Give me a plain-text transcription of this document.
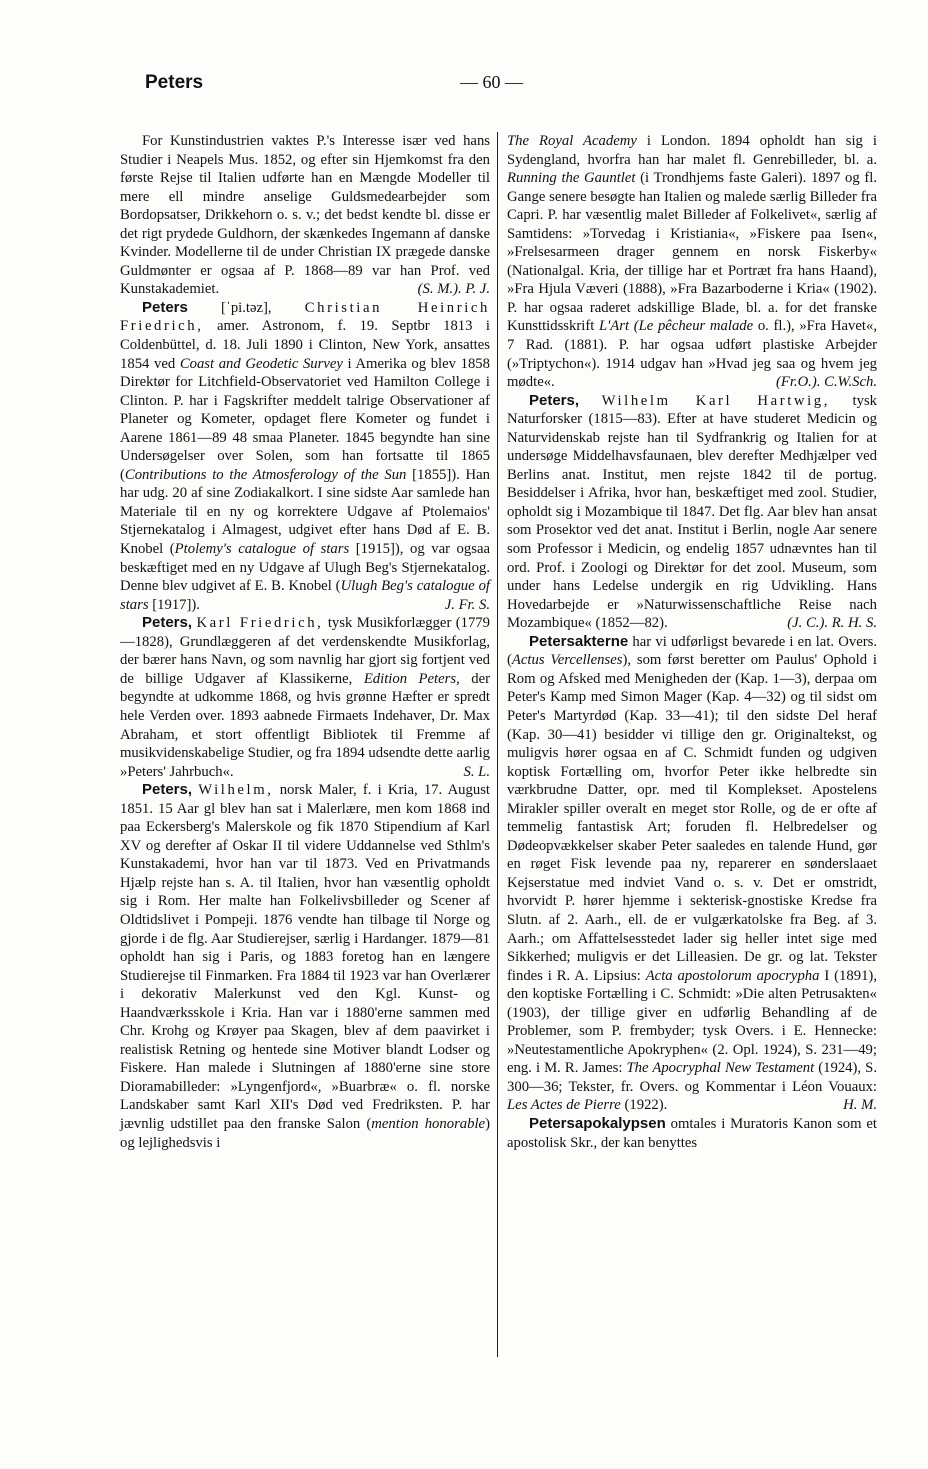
Peters	— 60 —

For Kunstindustrien vaktes P.'s Interesse især ved hans Studier i Neapels Mus. 1852, og efter sin Hjemkomst fra den første Rejse til Italien udførte han en Mængde Modeller til mere ell mindre anselige Guldsmedearbejder som Bordopsatser, Drikkehorn o. s. v.; det bedst kendte bl. disse er det rigt prydede Guldhorn, der skænkedes Ingemann af danske Kvinder. Modellerne til de under Christian IX prægede danske Guldmønter er ogsaa af P. 1868—89 var han Prof. ved Kunstakademiet.	(S. M.). P. J.

Peters [ˈpi.təz], Christian Heinrich Friedrich, amer. Astronom, f. 19. Septbr 1813 i Coldenbüttel, d. 18. Juli 1890 i Clinton, New York, ansattes 1854 ved Coast and Geodetic Survey i Amerika og blev 1858 Direktør for Litchfield-Observatoriet ved Hamilton College i Clinton. P. har i Fagskrifter meddelt talrige Observationer af Planeter og Kometer, opdaget flere Kometer og fundet i Aarene 1861—89 48 smaa Planeter. 1845 begyndte han sine Undersøgelser over Solen, som han fortsatte til 1865 (Contributions to the Atmosferology of the Sun [1855]). Han har udg. 20 af sine Zodiakalkort. I sine sidste Aar samlede han Materiale til en ny og korrektere Udgave af Ptolemaios' Stjernekatalog i Almagest, udgivet efter hans Død af E. B. Knobel (Ptolemy's catalogue of stars [1915]), og var ogsaa beskæftiget med en ny Udgave af Ulugh Beg's Stjernekatalog. Denne blev udgivet af E. B. Knobel (Ulugh Beg's catalogue of stars [1917]).	J. Fr. S.

Peters, Karl Friedrich, tysk Musikforlægger (1779—1828), Grundlæggeren af det verdenskendte Musikforlag, der bærer hans Navn, og som navnlig har gjort sig fortjent ved de billige Udgaver af Klassikerne, Edition Peters, der begyndte at udkomme 1868, og hvis grønne Hæfter er spredt hele Verden over. 1893 aabnede Firmaets Indehaver, Dr. Max Abraham, et stort offentligt Bibliotek til Fremme af musikvidenskabelige Studier, og fra 1894 udsendte dette aarlig »Peters' Jahrbuch«.	S. L.

Peters, Wilhelm, norsk Maler, f. i Kria, 17. August 1851. 15 Aar gl blev han sat i Malerlære, men kom 1868 ind paa Eckersberg's Malerskole og fik 1870 Stipendium af Karl XV og derefter af Oskar II til videre Uddannelse ved Sthlm's Kunstakademi, hvor han var til 1873. Ved en Privatmands Hjælp rejste han s. A. til Italien, hvor han væsentlig opholdt sig i Rom. Her malte han Folkelivsbilleder og Scener af Oldtidslivet i Pompeji. 1876 vendte han tilbage til Norge og gjorde i de flg. Aar Studierejser, særlig i Hardanger. 1879—81 opholdt han sig i Paris, og 1883 foretog han en længere Studierejse til Finmarken. Fra 1884 til 1923 var han Overlærer i dekorativ Malerkunst ved den Kgl. Kunst- og Haandværksskole i Kria. Han var i 1880'erne sammen med Chr. Krohg og Krøyer paa Skagen, blev af dem paavirket i realistisk Retning og hentede sine Motiver blandt Lodser og Fiskere. Han malede i Slutningen af 1880'erne sine store Dioramabilleder: »Lyngenfjord«, »Buarbræ« o. fl. norske Landskaber samt Karl XII's Død ved Fredriksten. P. har jævnlig udstillet paa den franske Salon (mention honorable) og lejlighedsvis i

The Royal Academy i London. 1894 opholdt han sig i Sydengland, hvorfra han har malet fl. Genrebilleder, bl. a. Running the Gauntlet (i Trondhjems faste Galeri). 1897 og fl. Gange senere besøgte han Italien og malede særlig Billeder fra Capri. P. har væsentlig malet Billeder af Folkelivet«, særlig af Samtidens: »Torvedag i Kristiania«, »Fiskere paa Isen«, »Frelsesarmeen drager gennem en norsk Fiskerby« (Nationalgal. Kria, der tillige har et Portræt fra hans Haand), »Fra Hjula Væveri (1888), »Fra Bazarboderne i Kria« (1902). P. har ogsaa raderet adskillige Blade, bl. a. for det franske Kunsttidsskrift L'Art (Le pêcheur malade o. fl.), »Fra Havet«, 7 Rad. (1881). P. har ogsaa udført plastiske Arbejder (»Triptychon«). 1914 udgav han »Hvad jeg saa og hvem jeg mødte«.	(Fr.O.). C.W.Sch.

Peters, Wilhelm Karl Hartwig, tysk Naturforsker (1815—83). Efter at have studeret Medicin og Naturvidenskab rejste han til Sydfrankrig og Italien for at undersøge Middelhavsfaunaen, blev derefter Medhjælper ved Berlins anat. Institut, men rejste 1842 til de portug. Besiddelser i Afrika, hvor han, beskæftiget med zool. Studier, opholdt sig i Mozambique til 1847. Det flg. Aar blev han ansat som Prosektor ved det anat. Institut i Berlin, nogle Aar senere som Professor i Medicin, og endelig 1857 udnævntes han til ord. Prof. i Zoologi og Direktør for det zool. Museum, som under hans Ledelse undergik en rig Udvikling. Hans Hovedarbejde er »Naturwissenschaftliche Reise nach Mozambique« (1852—82).	(J. C.). R. H. S.

Petersakterne har vi udførligst bevarede i en lat. Overs. (Actus Vercellenses), som først beretter om Paulus' Ophold i Rom og Afsked med Menigheden der (Kap. 1—3), derpaa om Peter's Kamp med Simon Mager (Kap. 4—32) og til sidst om Peter's Martyrdød (Kap. 33—41); til den sidste Del heraf (Kap. 30—41) besidder vi tillige den gr. Originaltekst, og muligvis hører ogsaa en af C. Schmidt funden og udgiven koptisk Fortælling om, hvorfor Peter ikke helbredte sin værkbrudne Datter, opr. med til Komplekset. Apostelens Mirakler spiller overalt en meget stor Rolle, og de er ofte af temmelig fantastisk Art; foruden fl. Helbredelser og Dødeopvækkelser skaber Peter saaledes en talende Hund, gør en røget Fisk levende paa ny, reparerer en sønderslaaet Kejserstatue med indviet Vand o. s. v. Det er omstridt, hvorvidt P. hører hjemme i sekterisk-gnostiske Kredse fra Slutn. af 2. Aarh., ell. de er vulgærkatolske fra Beg. af 3. Aarh.; om Affattelsesstedet lader sig heller intet sige med Sikkerhed; muligvis er det Lilleasien. De gr. og lat. Tekster findes i R. A. Lipsius: Acta apostolorum apocrypha I (1891), den koptiske Fortælling i C. Schmidt: »Die alten Petrusakten« (1903), der tillige giver en udførlig Behandling af de Problemer, som P. frembyder; tysk Overs. i E. Hennecke: »Neutestamentliche Apokryphen« (2. Opl. 1924), S. 231—49; eng. i M. R. James: The Apocryphal New Testament (1924), S. 300—36; Tekster, fr. Overs. og Kommentar i Léon Vouaux: Les Actes de Pierre (1922).	H. M.

Petersapokalypsen omtales i Muratoris Kanon som et apostolisk Skr., der kan benyttes
